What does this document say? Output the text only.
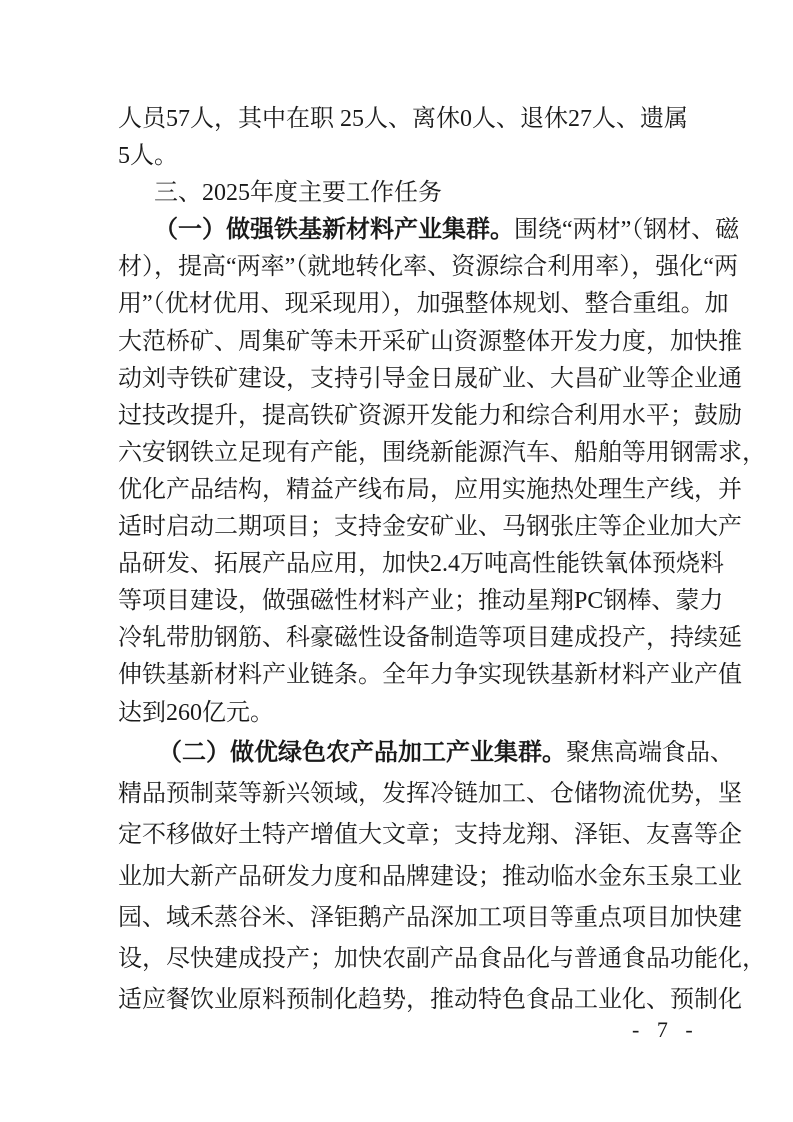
人员57人，其中在职 25人、离休0人、退休27人、遗属
5人。
三、2025年度主要工作任务
（一）做强铁基新材料产业集群。围绕“两材”（钢材、磁
材），提高“两率”（就地转化率、资源综合利用率），强化“两
用”（优材优用、现采现用），加强整体规划、整合重组。加
大范桥矿、周集矿等未开采矿山资源整体开发力度，加快推
动刘寺铁矿建设，支持引导金日晟矿业、大昌矿业等企业通
过技改提升，提高铁矿资源开发能力和综合利用水平；鼓励
六安钢铁立足现有产能，围绕新能源汽车、船舶等用钢需求，
优化产品结构，精益产线布局，应用实施热处理生产线，并
适时启动二期项目；支持金安矿业、马钢张庄等企业加大产
品研发、拓展产品应用，加快2.4万吨高性能铁氧体预烧料
等项目建设，做强磁性材料产业；推动星翔PC钢棒、蒙力
冷轧带肋钢筋、科豪磁性设备制造等项目建成投产，持续延
伸铁基新材料产业链条。全年力争实现铁基新材料产业产值
达到260亿元。
（二）做优绿色农产品加工产业集群。聚焦高端食品、
精品预制菜等新兴领域，发挥冷链加工、仓储物流优势，坚
定不移做好土特产增值大文章；支持龙翔、泽钜、友喜等企
业加大新产品研发力度和品牌建设；推动临水金东玉泉工业
园、域禾蒸谷米、泽钜鹅产品深加工项目等重点项目加快建
设，尽快建成投产；加快农副产品食品化与普通食品功能化，
适应餐饮业原料预制化趋势，推动特色食品工业化、预制化
- 7 -
